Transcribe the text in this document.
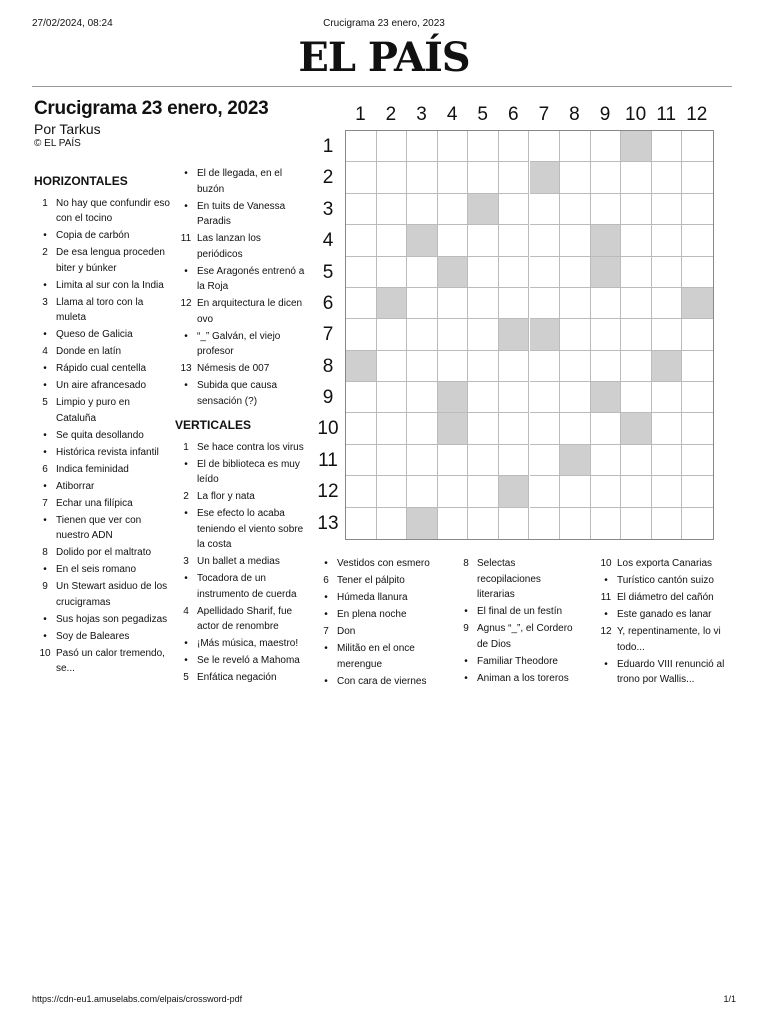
27/02/2024, 08:24	Crucigrama 23 enero, 2023
EL PAÍS
Crucigrama 23 enero, 2023
Por Tarkus
© EL PAÍS
HORIZONTALES
1 No hay que confundir eso con el tocino
•
Copia de carbón
2 De esa lengua proceden biter y búnker
•
Limita al sur con la India
3 Llama al toro con la muleta
•
Queso de Galicia
4 Donde en latín
•
Rápido cual centella
•
Un aire afrancesado
5 Limpio y puro en Cataluña
•
Se quita desollando
•
Histórica revista infantil
6 Indica feminidad
•
Atiborrar
7 Echar una filípica
•
Tienen que ver con nuestro ADN
8 Dolido por el maltrato
•
En el seis romano
9 Un Stewart asiduo de los crucigramas
•
Sus hojas son pegadizas
•
Soy de Baleares
10 Pasó un calor tremendo, se...
•
El de llegada, en el buzón
•
En tuits de Vanessa Paradis
11 Las lanzan los periódicos
•
Ese Aragonés entrenó a la Roja
12 En arquitectura le dicen ovo
•
“_” Galván, el viejo profesor
13 Némesis de 007
•
Subida que causa sensación (?)
VERTICALES
1 Se hace contra los virus
•
El de biblioteca es muy leído
2 La flor y nata
•
Ese efecto lo acaba teniendo el viento sobre la costa
3 Un ballet a medias
•
Tocadora de un instrumento de cuerda
4 Apellidado Sharif, fue actor de renombre
•
¡Más música, maestro!
•
Se le reveló a Mahoma
5 Enfática negación
•
Vestidos con esmero
6 Tener el pálpito
•
Húmeda llanura
•
En plena noche
7 Don
•
Militão en el once merengue
•
Con cara de viernes
8 Selectas recopilaciones literarias
•
El final de un festín
9 Agnus “_”, el Cordero de Dios
•
Familiar Theodore
•
Animan a los toreros
10 Los exporta Canarias
•
Turístico cantón suizo
11 El diámetro del cañón
•
Este ganado es lanar
12 Y, repentinamente, lo vi todo...
•
Eduardo VIII renunció al trono por Wallis...
1	2	3	4	5	6	7	8	9 10 11 12
1
2
3
4
5
6
7
8
9
10
11
12
13
https://cdn-eu1.amuselabs.com/elpais/crossword-pdf	1/1
